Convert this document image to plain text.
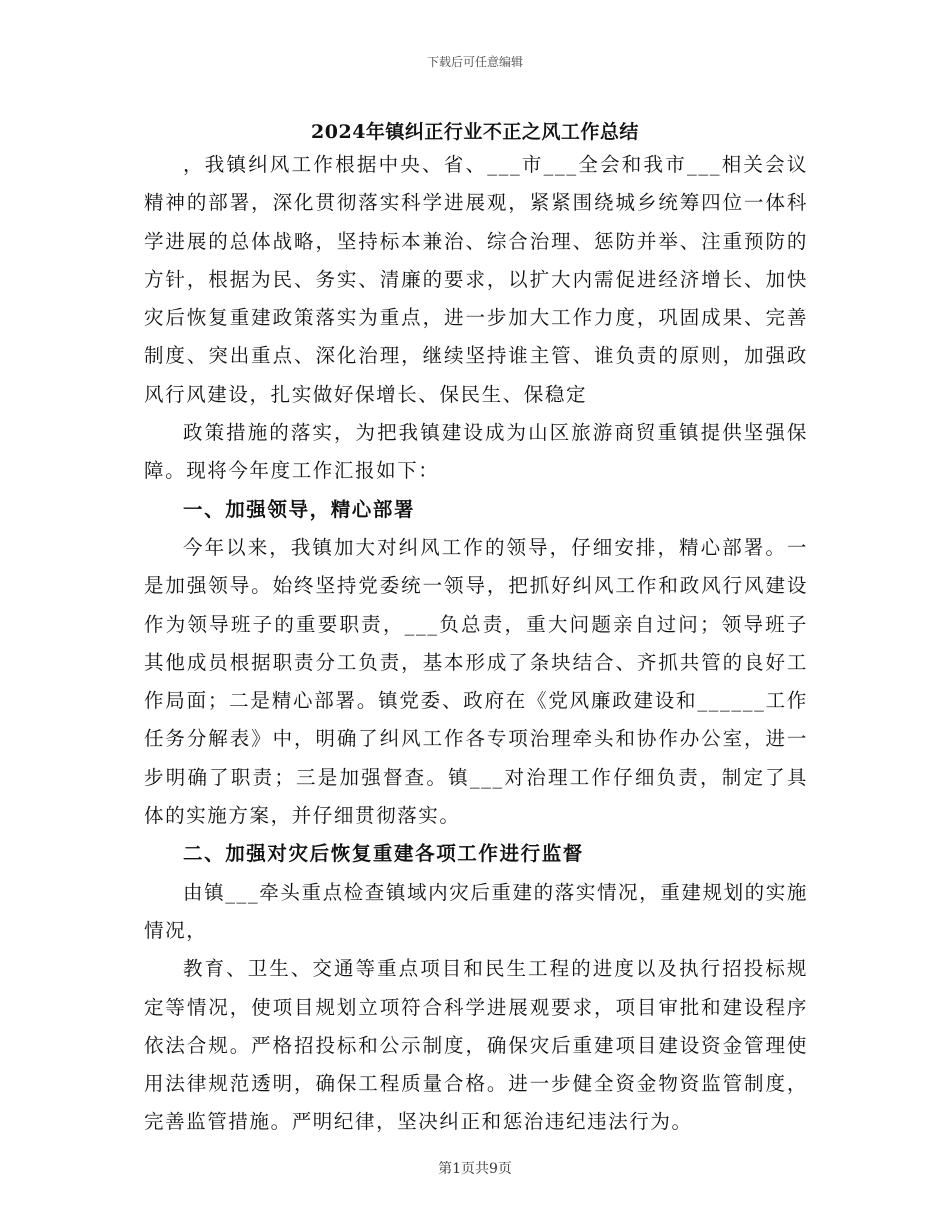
下载后可任意编辑
2024年镇纠正行业不正之风工作总结

，我镇纠风工作根据中央、省、___市___全会和我市___相关会议精神的部署，深化贯彻落实科学进展观，紧紧围绕城乡统筹四位一体科学进展的总体战略，坚持标本兼治、综合治理、惩防并举、注重预防的方针，根据为民、务实、清廉的要求，以扩大内需促进经济增长、加快灾后恢复重建政策落实为重点，进一步加大工作力度，巩固成果、完善制度、突出重点、深化治理，继续坚持谁主管、谁负责的原则，加强政风行风建设，扎实做好保增长、保民生、保稳定

政策措施的落实，为把我镇建设成为山区旅游商贸重镇提供坚强保障。现将今年度工作汇报如下：

一、加强领导，精心部署

今年以来，我镇加大对纠风工作的领导，仔细安排，精心部署。一是加强领导。始终坚持党委统一领导，把抓好纠风工作和政风行风建设作为领导班子的重要职责，___负总责，重大问题亲自过问；领导班子其他成员根据职责分工负责，基本形成了条块结合、齐抓共管的良好工作局面；二是精心部署。镇党委、政府在《党风廉政建设和______工作任务分解表》中，明确了纠风工作各专项治理牵头和协作办公室，进一步明确了职责；三是加强督查。镇___对治理工作仔细负责，制定了具体的实施方案，并仔细贯彻落实。

二、加强对灾后恢复重建各项工作进行监督

由镇___牵头重点检查镇域内灾后重建的落实情况，重建规划的实施情况，

教育、卫生、交通等重点项目和民生工程的进度以及执行招投标规定等情况，使项目规划立项符合科学进展观要求，项目审批和建设程序依法合规。严格招投标和公示制度，确保灾后重建项目建设资金管理使用法律规范透明，确保工程质量合格。进一步健全资金物资监管制度，完善监管措施。严明纪律，坚决纠正和惩治违纪违法行为。

第1页共9页
